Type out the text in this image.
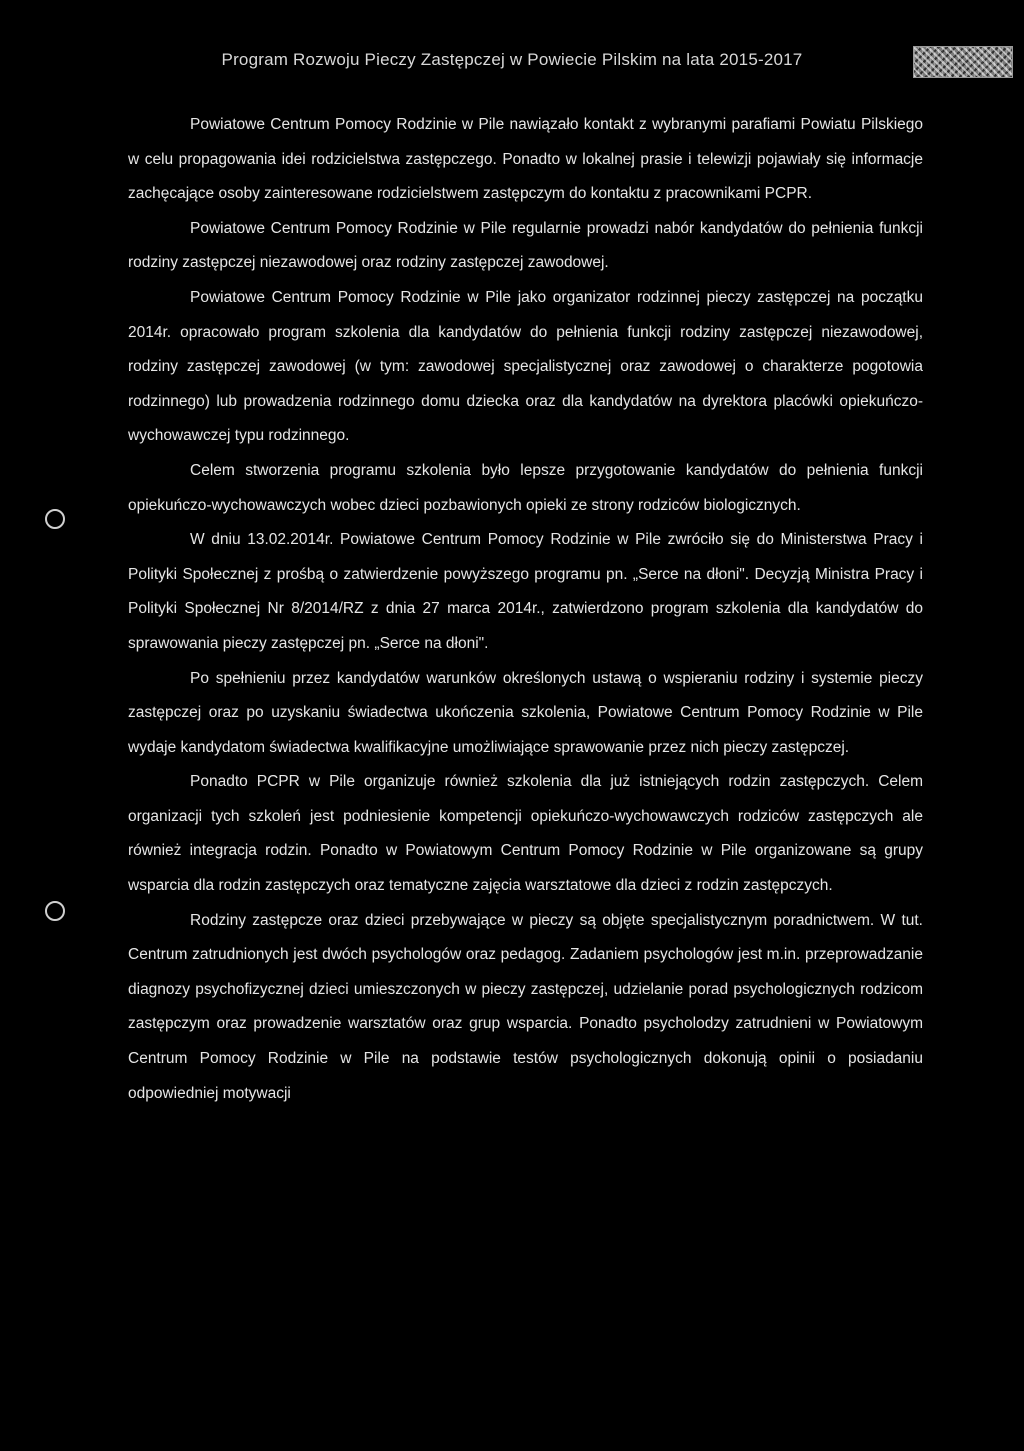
Program Rozwoju Pieczy Zastępczej w Powiecie Pilskim na lata 2015-2017

Powiatowe Centrum Pomocy Rodzinie w Pile nawiązało kontakt z wybranymi parafiami Powiatu Pilskiego w celu propagowania idei rodzicielstwa zastępczego. Ponadto w lokalnej prasie i telewizji pojawiały się informacje zachęcające osoby zainteresowane rodzicielstwem zastępczym do kontaktu z pracownikami PCPR.

Powiatowe Centrum Pomocy Rodzinie w Pile regularnie prowadzi nabór kandydatów do pełnienia funkcji rodziny zastępczej niezawodowej oraz rodziny zastępczej zawodowej.

Powiatowe Centrum Pomocy Rodzinie w Pile jako organizator rodzinnej pieczy zastępczej na początku 2014r. opracowało program szkolenia dla kandydatów do pełnienia funkcji rodziny zastępczej niezawodowej, rodziny zastępczej zawodowej (w tym: zawodowej specjalistycznej oraz zawodowej o charakterze pogotowia rodzinnego) lub prowadzenia rodzinnego domu dziecka oraz dla kandydatów na dyrektora placówki opiekuńczo-wychowawczej typu rodzinnego.

Celem stworzenia programu szkolenia było lepsze przygotowanie kandydatów do pełnienia funkcji opiekuńczo-wychowawczych wobec dzieci pozbawionych opieki ze strony rodziców biologicznych.

W dniu 13.02.2014r. Powiatowe Centrum Pomocy Rodzinie w Pile zwróciło się do Ministerstwa Pracy i Polityki Społecznej z prośbą o zatwierdzenie powyższego programu pn. „Serce na dłoni". Decyzją Ministra Pracy i Polityki Społecznej Nr 8/2014/RZ z dnia 27 marca 2014r., zatwierdzono program szkolenia dla kandydatów do sprawowania pieczy zastępczej pn. „Serce na dłoni".

Po spełnieniu przez kandydatów warunków określonych ustawą o wspieraniu rodziny i systemie pieczy zastępczej oraz po uzyskaniu świadectwa ukończenia szkolenia, Powiatowe Centrum Pomocy Rodzinie w Pile wydaje kandydatom świadectwa kwalifikacyjne umożliwiające sprawowanie przez nich pieczy zastępczej.

Ponadto PCPR w Pile organizuje również szkolenia dla już istniejących rodzin zastępczych. Celem organizacji tych szkoleń jest podniesienie kompetencji opiekuńczo-wychowawczych rodziców zastępczych ale również integracja rodzin. Ponadto w Powiatowym Centrum Pomocy Rodzinie w Pile organizowane są grupy wsparcia dla rodzin zastępczych oraz tematyczne zajęcia warsztatowe dla dzieci z rodzin zastępczych.

Rodziny zastępcze oraz dzieci przebywające w pieczy są objęte specjalistycznym poradnictwem. W tut. Centrum zatrudnionych jest dwóch psychologów oraz pedagog. Zadaniem psychologów jest m.in. przeprowadzanie diagnozy psychofizycznej dzieci umieszczonych w pieczy zastępczej, udzielanie porad psychologicznych rodzicom zastępczym oraz prowadzenie warsztatów oraz grup wsparcia. Ponadto psycholodzy zatrudnieni w Powiatowym Centrum Pomocy Rodzinie w Pile na podstawie testów psychologicznych dokonują opinii o posiadaniu odpowiedniej motywacji
